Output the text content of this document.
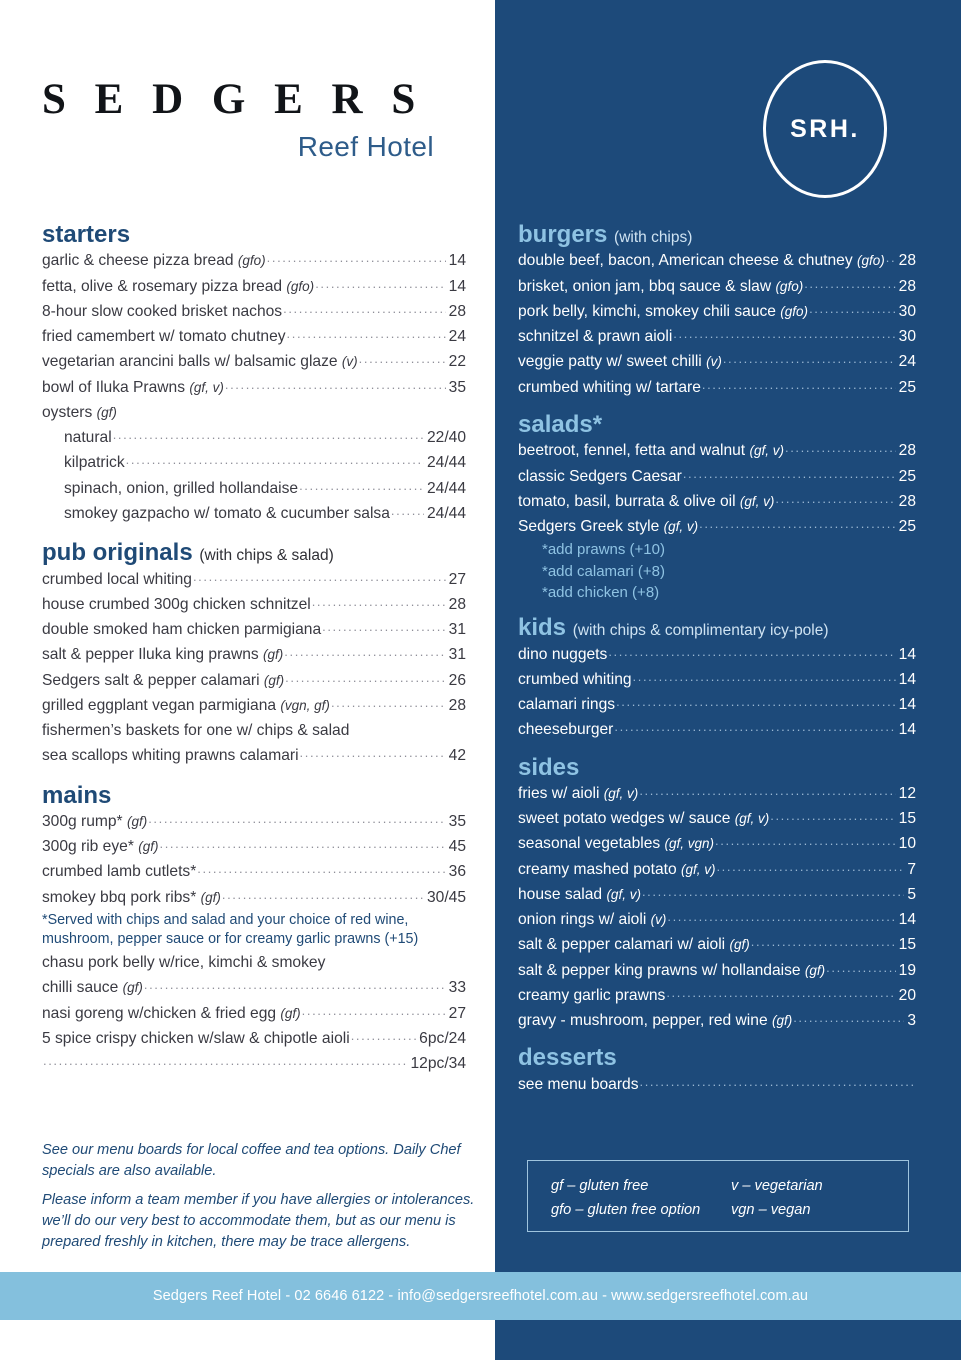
S E D G E R S
Reef Hotel
SRH.
starters
garlic & cheese pizza bread (gfo) .....	14
fetta, olive & rosemary pizza bread (gfo) .....	14
8-hour slow cooked brisket nachos .....	28
fried camembert w/ tomato chutney .....	24
vegetarian arancini balls w/ balsamic glaze (v) .....	22
bowl of Iluka Prawns (gf, v) .....	35
oysters (gf)
natural .....	22/40
kilpatrick .....	24/44
spinach, onion, grilled hollandaise .....	24/44
smokey gazpacho w/ tomato & cucumber salsa ..... 24/44
pub originals (with chips & salad)
crumbed local whiting .....	27
house crumbed 300g chicken schnitzel .....	28
double smoked ham chicken parmigiana .....	31
salt & pepper Iluka king prawns (gf) .....	31
Sedgers salt & pepper calamari (gf) .....	26
grilled eggplant vegan parmigiana (vgn, gf) .....	28
fishermen’s baskets for one w/ chips & salad
sea scallops whiting prawns calamari .....	42
mains
300g rump* (gf) .....	35
300g rib eye* (gf) .....	45
crumbed lamb cutlets* .....	36
smokey bbq pork ribs* (gf) .....	30/45
*Served with chips and salad and your choice of red wine, mushroom, pepper sauce or for creamy garlic prawns (+15)
chasu pork belly w/rice, kimchi & smokey
chilli sauce (gf) .....	33
nasi goreng w/chicken & fried egg (gf) .....	27
5 spice crispy chicken w/slaw & chipotle aioli .....	6pc/24
.....
12pc/34
burgers (with chips)
double beef, bacon, American cheese & chutney (gfo) ..... 28
brisket, onion jam, bbq sauce & slaw (gfo) .....	28
pork belly, kimchi, smokey chili sauce (gfo) .....	30
schnitzel & prawn aioli .....	30
veggie patty w/ sweet chilli (v) .....	24
crumbed whiting w/ tartare .....	25
salads*
beetroot, fennel, fetta and walnut (gf, v) .....	28
classic Sedgers Caesar .....	25
tomato, basil, burrata & olive oil (gf, v) .....	28
Sedgers Greek style (gf, v) .....	25
*add prawns (+10)
*add calamari (+8)
*add chicken (+8)
kids (with chips & complimentary icy-pole)
dino nuggets .....	14
crumbed whiting .....	14
calamari rings .....	14
cheeseburger .....	14
sides
fries w/ aioli (gf, v) .....	12
sweet potato wedges w/ sauce (gf, v) .....	15
seasonal vegetables (gf, vgn) .....	10
creamy mashed potato (gf, v) .....	7
house salad (gf, v) .....	5
onion rings w/ aioli (v) .....	14
salt & pepper calamari w/ aioli (gf) .....	15
salt & pepper king prawns w/ hollandaise (gf) .....	19
creamy garlic prawns .....	20
gravy - mushroom, pepper, red wine (gf) .....	3
desserts
see menu boards
.....

See our menu boards for local coffee and tea options. Daily Chef specials are also available.

Please inform a team member if you have allergies or intolerances. we’ll do our very best to accommodate them, but as our menu is prepared freshly in kitchen, there may be trace allergens.

gf – gluten free	v – vegetarian
gfo – gluten free option	vgn – vegan
Sedgers Reef Hotel - 02 6646 6122 - info@sedgersreefhotel.com.au - www.sedgersreefhotel.com.au
